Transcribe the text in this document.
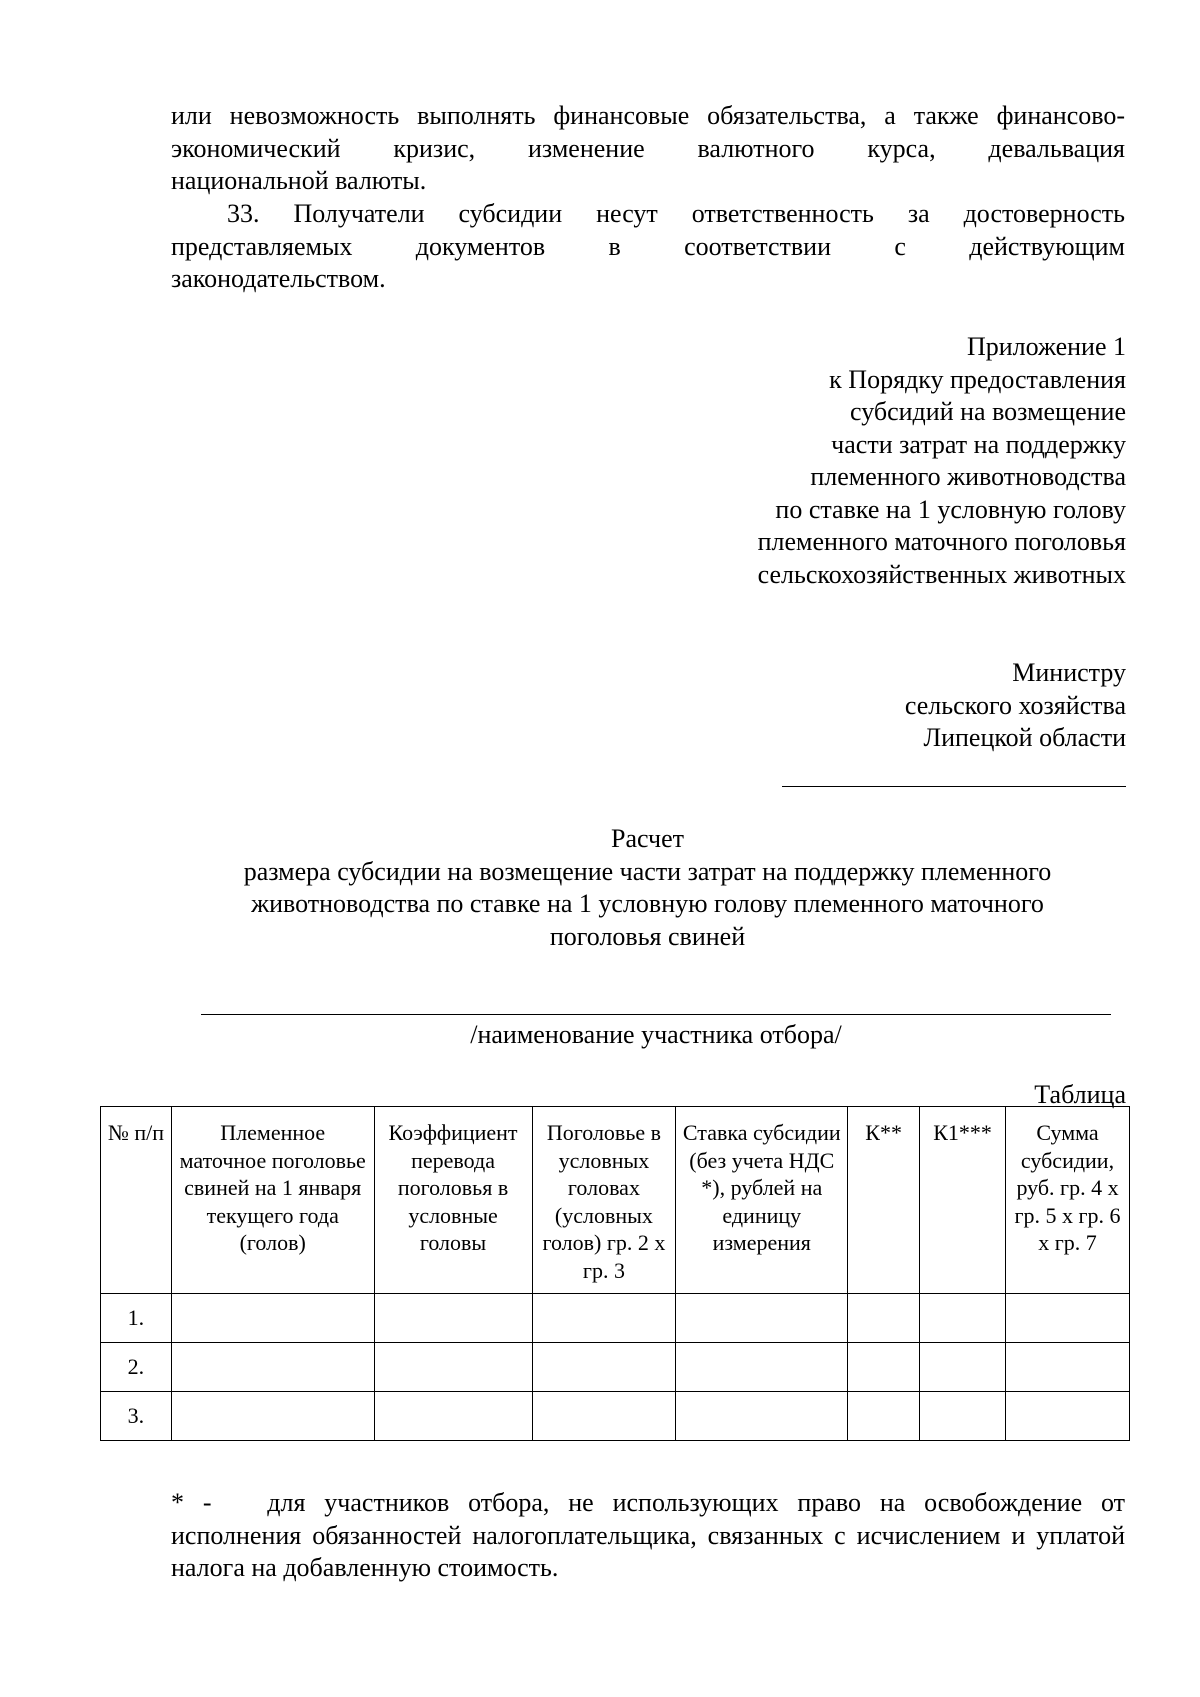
или невозможность выполнять финансовые обязательства, а также финансово-
экономический кризис, изменение валютного курса, девальвация
национальной валюты.
33. Получатели субсидии несут ответственность за достоверность
представляемых документов в соответствии с действующим
законодательством.
Приложение 1
к Порядку предоставления
субсидий на возмещение
части затрат на поддержку
племенного животноводства
по ставке на 1 условную голову
племенного маточного поголовья
сельскохозяйственных животных
Министру
сельского хозяйства
Липецкой области
Расчет
размера субсидии на возмещение части затрат на поддержку племенного
животноводства по ставке на 1 условную голову племенного маточного
поголовья свиней
/наименование участника отбора/
Таблица
№ п/п	Племенное маточное поголовье свиней на 1 января текущего года (голов)	Коэффициент перевода поголовья в условные головы	Поголовье в условных головах (условных голов) гр. 2 х гр. 3	Ставка субсидии (без учета НДС *), рублей на единицу измерения	К**	К1***	Сумма субсидии, руб. гр. 4 х гр. 5 х гр. 6 х гр. 7
1.							
2.							
3.							
* - для участников отбора, не использующих право на освобождение от исполнения обязанностей налогоплательщика, связанных с исчислением и уплатой налога на добавленную стоимость.
